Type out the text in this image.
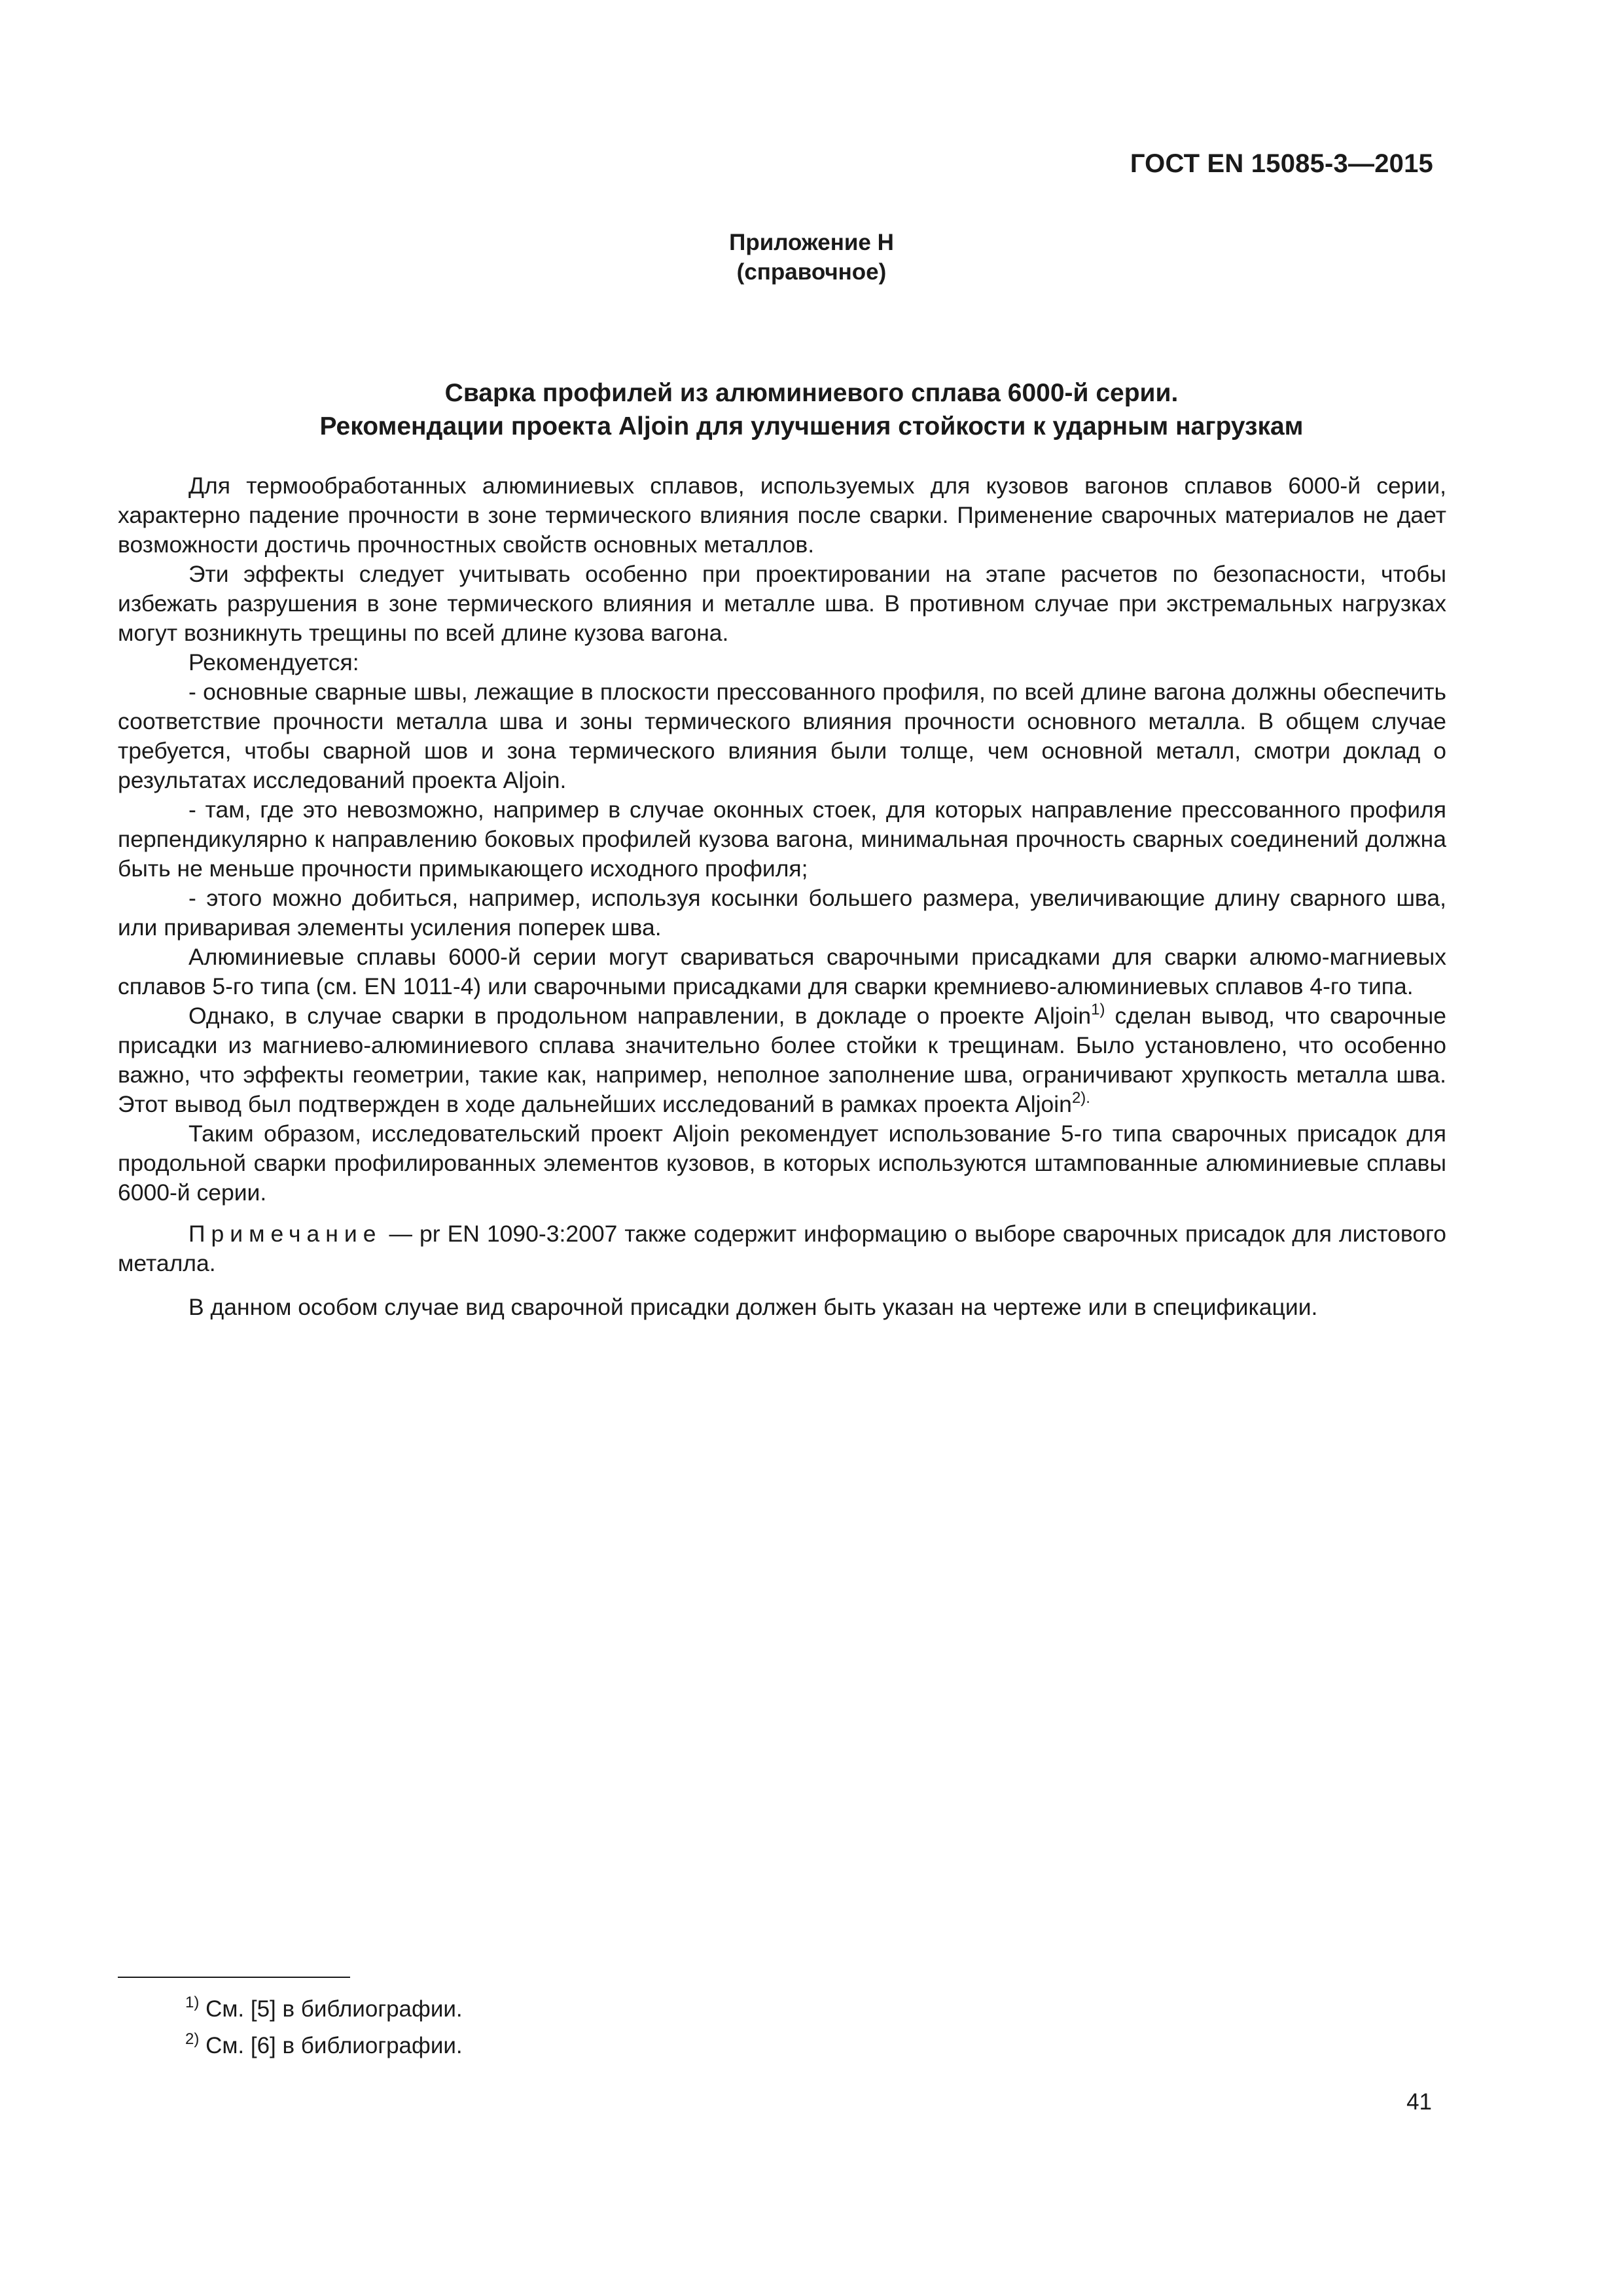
ГОСТ EN 15085-3—2015

Приложение Н
(справочное)
Сварка профилей из алюминиевого сплава 6000-й серии.
Рекомендации проекта Aljoin для улучшения стойкости к ударным нагрузкам

Для термообработанных алюминиевых сплавов, используемых для кузовов вагонов сплавов 6000-й серии, характерно падение прочности в зоне термического влияния после сварки. Применение сварочных материалов не дает возможности достичь прочностных свойств основных металлов.

Эти эффекты следует учитывать особенно при проектировании на этапе расчетов по безопасности, чтобы избежать разрушения в зоне термического влияния и металле шва. В противном случае при экстремальных нагрузках могут возникнуть трещины по всей длине кузова вагона.

Рекомендуется:

- основные сварные швы, лежащие в плоскости прессованного профиля, по всей длине вагона должны обеспечить соответствие прочности металла шва и зоны термического влияния прочности основного металла. В общем случае требуется, чтобы сварной шов и зона термического влияния были толще, чем основной металл, смотри доклад о результатах исследований проекта Aljoin.

- там, где это невозможно, например в случае оконных стоек, для которых направление прессованного профиля перпендикулярно к направлению боковых профилей кузова вагона, минимальная прочность сварных соединений должна быть не меньше прочности примыкающего исходного профиля;

- этого можно добиться, например, используя косынки большего размера, увеличивающие длину сварного шва, или приваривая элементы усиления поперек шва.

Алюминиевые сплавы 6000-й серии могут свариваться сварочными присадками для сварки алюмо-магниевых сплавов 5-го типа (см. EN 1011-4) или сварочными присадками для сварки кремниево-алюминиевых сплавов 4-го типа.

Однако, в случае сварки в продольном направлении, в докладе о проекте Aljoin$^{1)}$ сделан вывод, что сварочные присадки из магниево-алюминиевого сплава значительно более стойки к трещинам. Было установлено, что особенно важно, что эффекты геометрии, такие как, например, неполное заполнение шва, ограничивают хрупкость металла шва. Этот вывод был подтвержден в ходе дальнейших исследований в рамках проекта Aljoin$^{2).}$

Таким образом, исследовательский проект Aljoin рекомендует использование 5-го типа сварочных присадок для продольной сварки профилированных элементов кузовов, в которых используются штампованные алюминиевые сплавы 6000-й серии.

Примечание — pr EN 1090-3:2007 также содержит информацию о выборе сварочных присадок для листового металла.

В данном особом случае вид сварочной присадки должен быть указан на чертеже или в спецификации.

$^{1)}$ См. [5] в библиографии.
$^{2)}$ См. [6] в библиографии.

41
